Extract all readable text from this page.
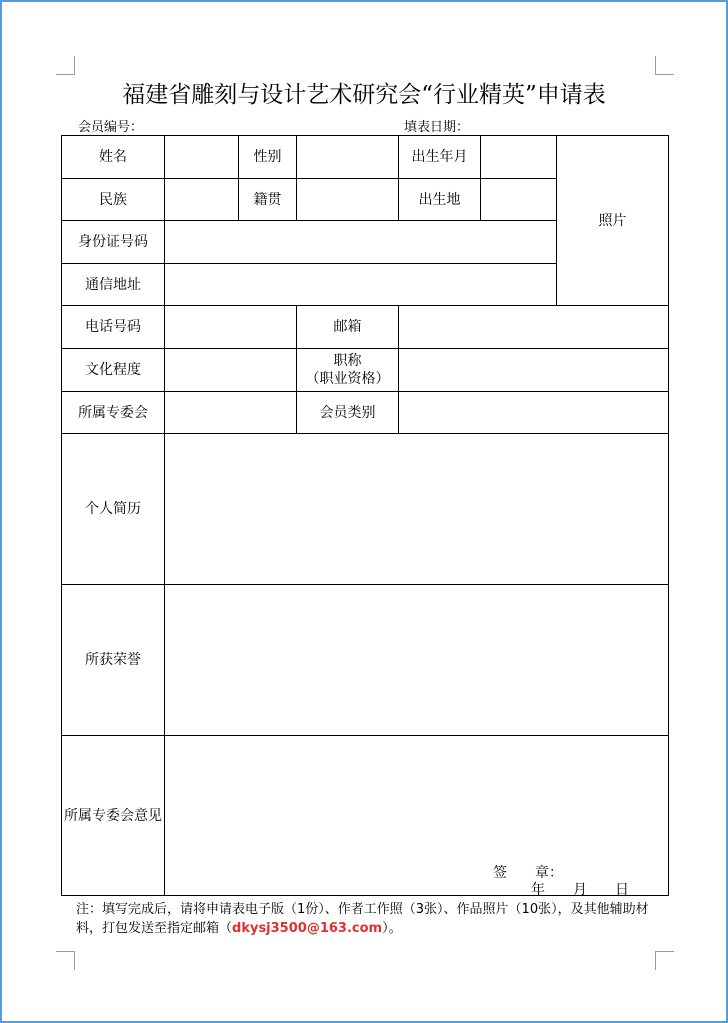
福建省雕刻与设计艺术研究会“行业精英”申请表
会员编号：	填表日期：
姓名		性别		出生年月		照片
民族		籍贯		出生地		
身份证号码						
通信地址						
电话号码			邮箱			
文化程度			职称
（职业资格）			
所属专委会			会员类别			
个人简历						
所获荣誉						
所属专委会意见						
签　　章：
年　　月　　日
注：填写完成后，请将申请表电子版（1份）、作者工作照（3张）、作品照片（10张），及其他辅助材料，打包发送至指定邮箱（dkysj3500@163.com）。
